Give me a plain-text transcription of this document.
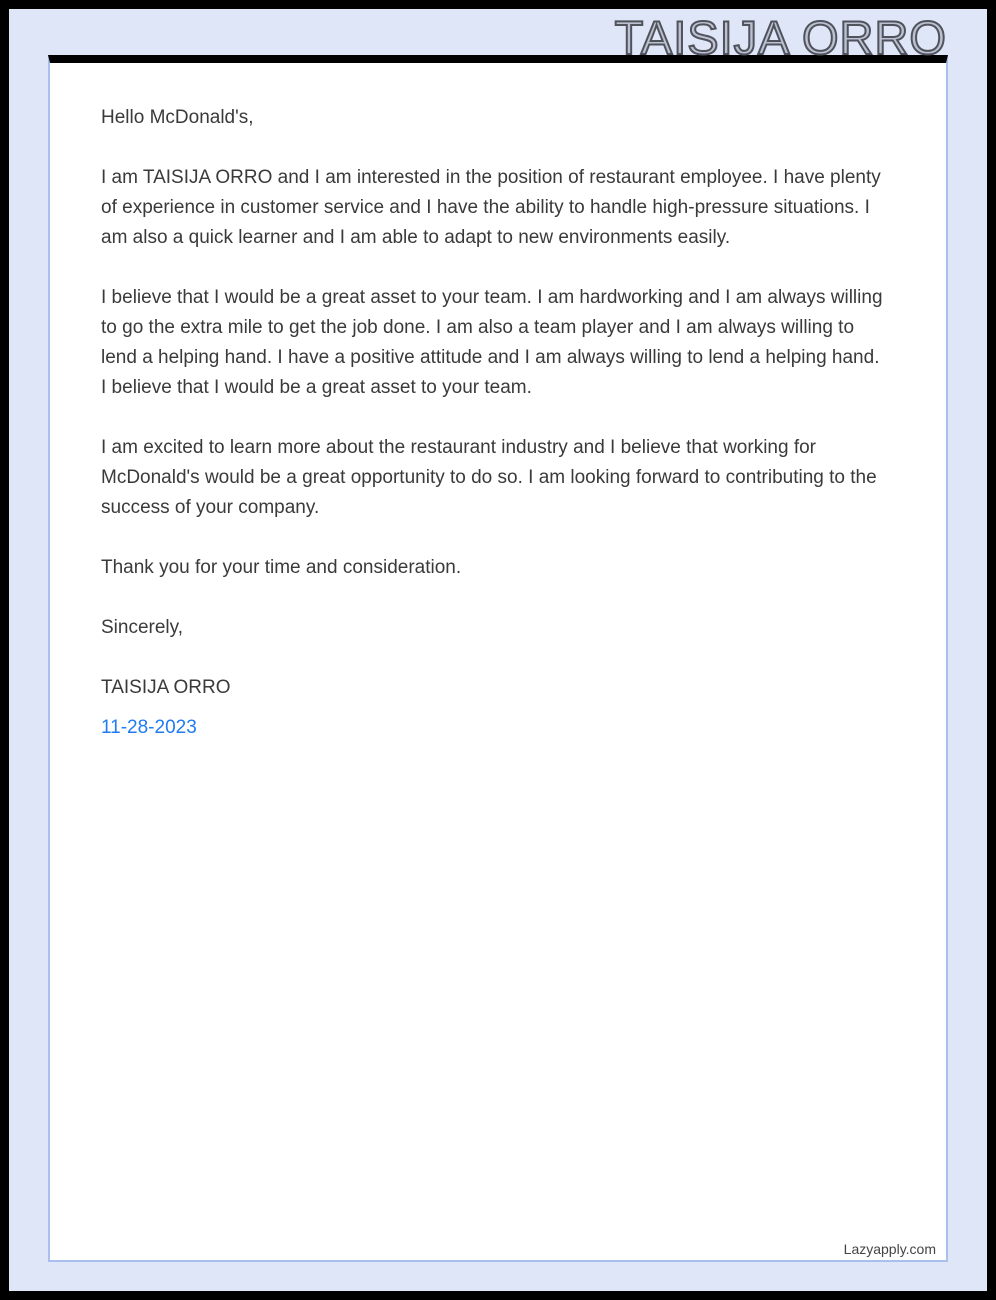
TAISIJA ORRO

Hello McDonald's,

I am TAISIJA ORRO and I am interested in the position of restaurant employee. I have plenty of experience in customer service and I have the ability to handle high-pressure situations. I am also a quick learner and I am able to adapt to new environments easily.

I believe that I would be a great asset to your team. I am hardworking and I am always willing to go the extra mile to get the job done. I am also a team player and I am always willing to lend a helping hand. I have a positive attitude and I am always willing to lend a helping hand. I believe that I would be a great asset to your team.

I am excited to learn more about the restaurant industry and I believe that working for McDonald's would be a great opportunity to do so. I am looking forward to contributing to the success of your company.

Thank you for your time and consideration.

Sincerely,

TAISIJA ORRO

11-28-2023

Lazyapply.com
